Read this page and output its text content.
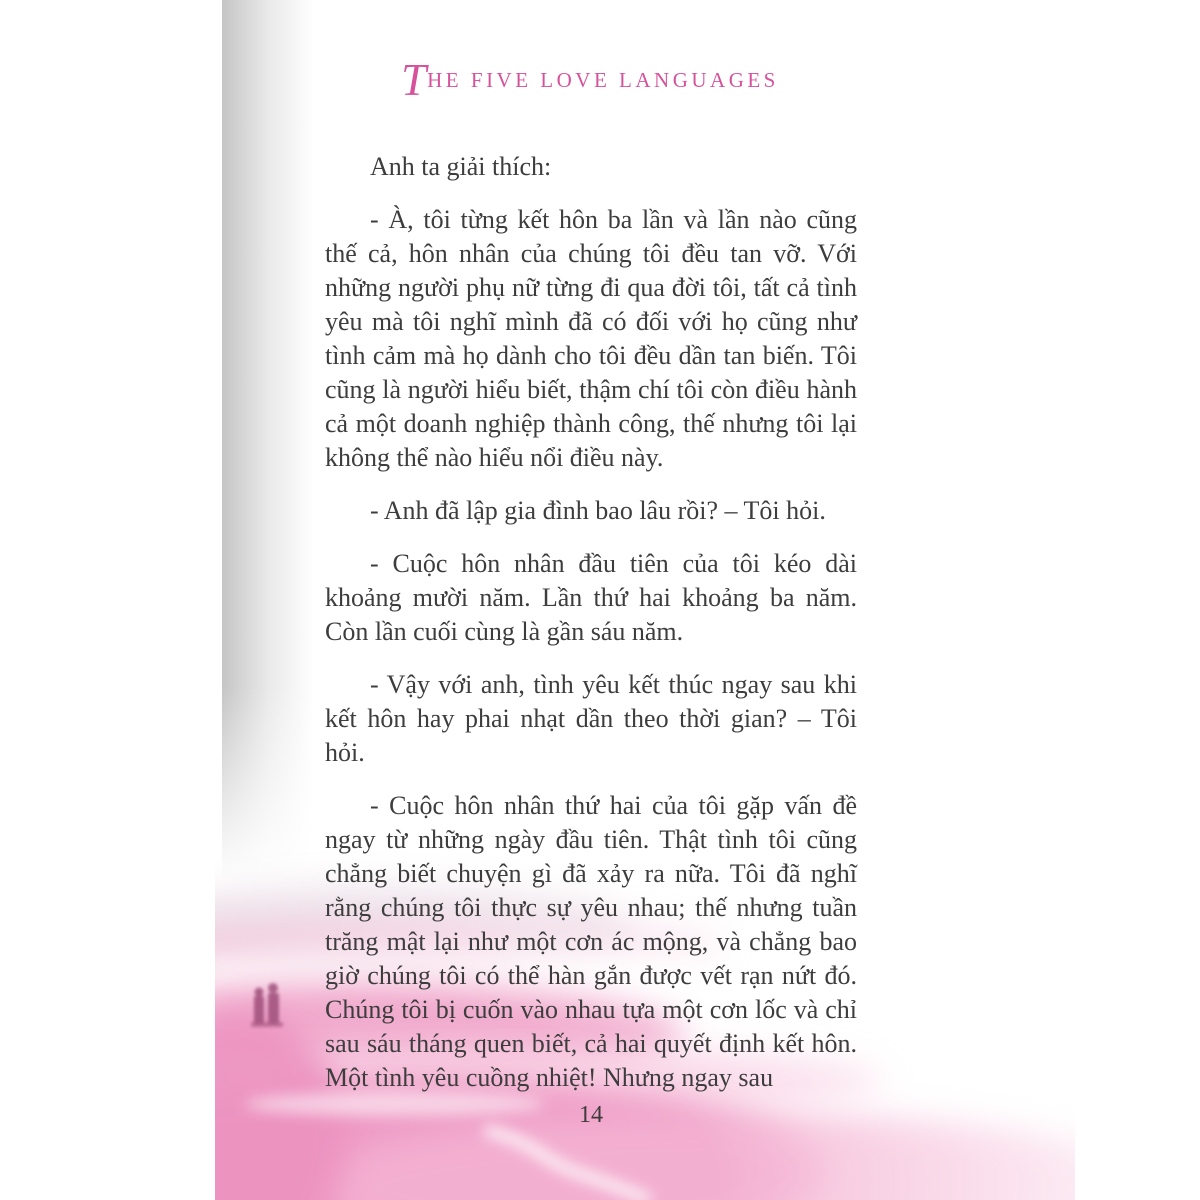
THE FIVE LOVE LANGUAGES

Anh ta giải thích:

- À, tôi từng kết hôn ba lần và lần nào cũng thế cả, hôn nhân của chúng tôi đều tan vỡ. Với những người phụ nữ từng đi qua đời tôi, tất cả tình yêu mà tôi nghĩ mình đã có đối với họ cũng như tình cảm mà họ dành cho tôi đều dần tan biến. Tôi cũng là người hiểu biết, thậm chí tôi còn điều hành cả một doanh nghiệp thành công, thế nhưng tôi lại không thể nào hiểu nổi điều này.

- Anh đã lập gia đình bao lâu rồi? – Tôi hỏi.

- Cuộc hôn nhân đầu tiên của tôi kéo dài khoảng mười năm. Lần thứ hai khoảng ba năm. Còn lần cuối cùng là gần sáu năm.

- Vậy với anh, tình yêu kết thúc ngay sau khi kết hôn hay phai nhạt dần theo thời gian? – Tôi hỏi.

- Cuộc hôn nhân thứ hai của tôi gặp vấn đề ngay từ những ngày đầu tiên. Thật tình tôi cũng chẳng biết chuyện gì đã xảy ra nữa. Tôi đã nghĩ rằng chúng tôi thực sự yêu nhau; thế nhưng tuần trăng mật lại như một cơn ác mộng, và chẳng bao giờ chúng tôi có thể hàn gắn được vết rạn nứt đó. Chúng tôi bị cuốn vào nhau tựa một cơn lốc và chỉ sau sáu tháng quen biết, cả hai quyết định kết hôn. Một tình yêu cuồng nhiệt! Nhưng ngay sau

14
